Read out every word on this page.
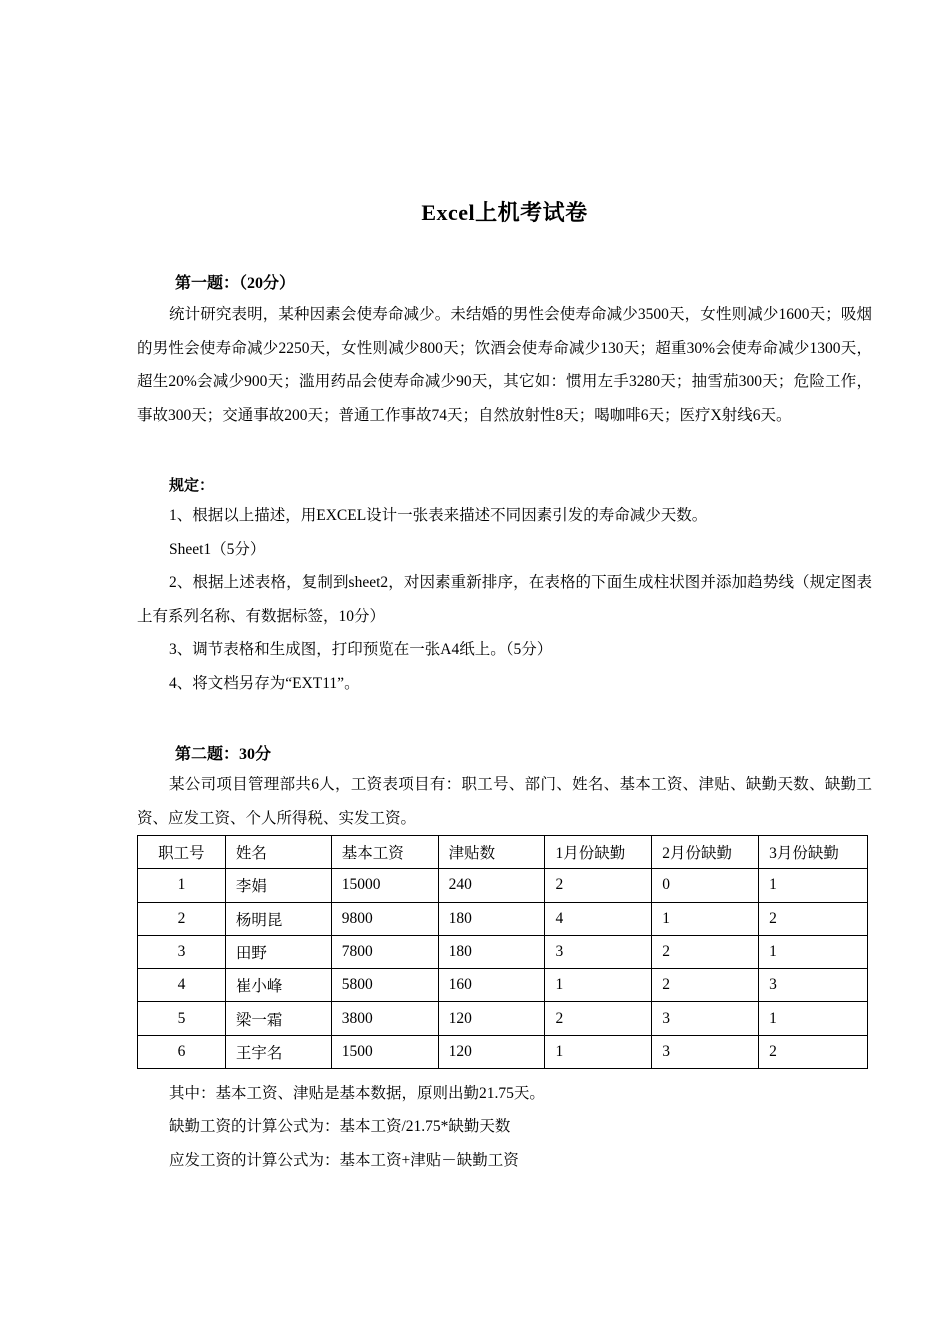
Excel上机考试卷
第一题：（20分）

统计研究表明，某种因素会使寿命减少。未结婚的男性会使寿命减少3500天，女性则减少1600天；吸烟的男性会使寿命减少2250天，女性则减少800天；饮酒会使寿命减少130天；超重30%会使寿命减少1300天，超生20%会减少900天；滥用药品会使寿命减少90天，其它如：惯用左手3280天；抽雪茄300天；危险工作，事故300天；交通事故200天；普通工作事故74天；自然放射性8天；喝咖啡6天；医疗X射线6天。

规定：
1、根据以上描述，用EXCEL设计一张表来描述不同因素引发的寿命减少天数。
Sheet1（5分）

2、根据上述表格，复制到sheet2，对因素重新排序，在表格的下面生成柱状图并添加趋势线（规定图表上有系列名称、有数据标签，10分）

3、调节表格和生成图，打印预览在一张A4纸上。（5分）
4、将文档另存为“EXT11”。
第二题：30分

某公司项目管理部共6人，工资表项目有：职工号、部门、姓名、基本工资、津贴、缺勤天数、缺勤工资、应发工资、个人所得税、实发工资。

职工号	姓名	基本工资	津贴数	1月份缺勤	2月份缺勤	3月份缺勤
1	李娟	15000	240	2	0	1
2	杨明昆	9800	180	4	1	2
3	田野	7800	180	3	2	1
4	崔小峰	5800	160	1	2	3
5	梁一霜	3800	120	2	3	1
6	王宇名	1500	120	1	3	2
其中：基本工资、津贴是基本数据，原则出勤21.75天。
缺勤工资的计算公式为：基本工资/21.75*缺勤天数
应发工资的计算公式为：基本工资+津贴－缺勤工资
